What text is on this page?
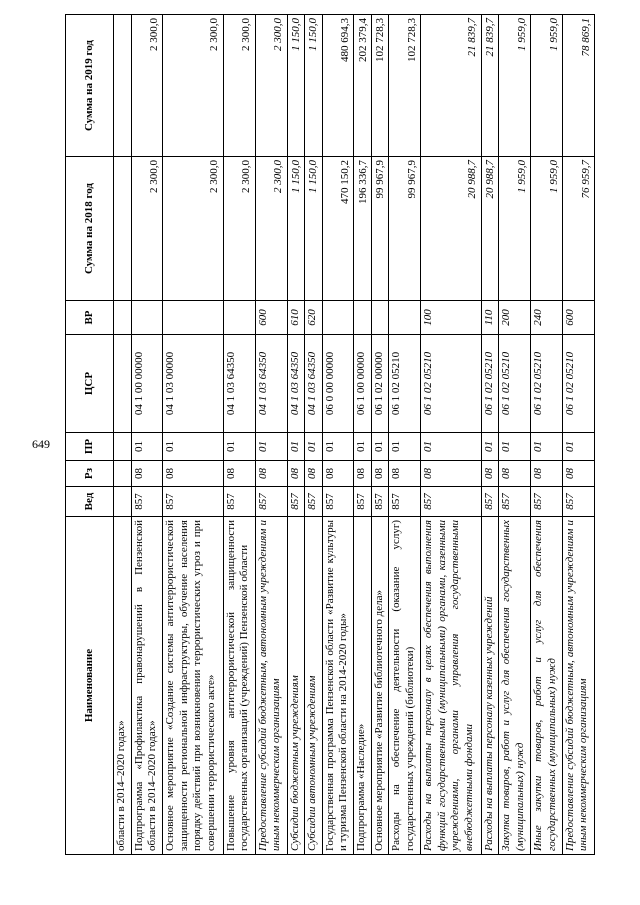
649
Наименование	Вед	Рз	ПР	ЦСР	ВР	Сумма на 2018 год	Сумма на 2019 год
области в 2014–2020 годах»							
Подпрограмма «Профилактика правонарушений в Пензенской области в 2014–2020 годах»	857	08	01	04 1 00 00000		2 300,0	2 300,0
Основное мероприятие «Создание системы антитеррористической защищенности региональной инфраструктуры, обучение населения порядку действий при возникновении террористических угроз и при совершении террористического акте»	857	08	01	04 1 03 00000		2 300,0	2 300,0
Повышение уровня антитеррористической защищенности государственных организаций (учреждений) Пензенской области	857	08	01	04 1 03 64350		2 300,0	2 300,0
Предоставление субсидий бюджетным, автономным учреждениям и иным некоммерческим организациям	857	08	01	04 1 03 64350	600	2 300,0	2 300,0
Субсидии бюджетным учреждениям	857	08	01	04 1 03 64350	610	1 150,0	1 150,0
Субсидии автономным учреждениям	857	08	01	04 1 03 64350	620	1 150,0	1 150,0
Государственная программа Пензенской области «Развитие культуры и туризма Пензенской области на 2014-2020 годы»	857	08	01	06 0 00 00000		470 150,2	480 694,3
Подпрограмма «Наследие»	857	08	01	06 1 00 00000		196 336,7	202 379,4
Основное мероприятие «Развитие библиотечного дела»	857	08	01	06 1 02 00000		99 967,9	102 728,3
Расходы на обеспечение деятельности (оказание услуг) государственных учреждений (библиотеки)	857	08	01	06 1 02 05210		99 967,9	102 728,3
Расходы на выплаты персоналу в целях обеспечения выполнения функций государственными (муниципальными) органами, казенными учреждениями, органами управления государственными внебюджетными фондами	857	08	01	06 1 02 05210	100	20 988,7	21 839,7
Расходы на выплаты персоналу казенных учреждений	857	08	01	06 1 02 05210	110	20 988,7	21 839,7
Закупка товаров, работ и услуг для обеспечения государственных (муниципальных) нужд	857	08	01	06 1 02 05210	200	1 959,0	1 959,0
Иные закупки товаров, работ и услуг для обеспечения государственных (муниципальных) нужд	857	08	01	06 1 02 05210	240	1 959,0	1 959,0
Предоставление субсидий бюджетным, автономным учреждениям и иным некоммерческим организациям	857	08	01	06 1 02 05210	600	76 959,7	78 869,1
